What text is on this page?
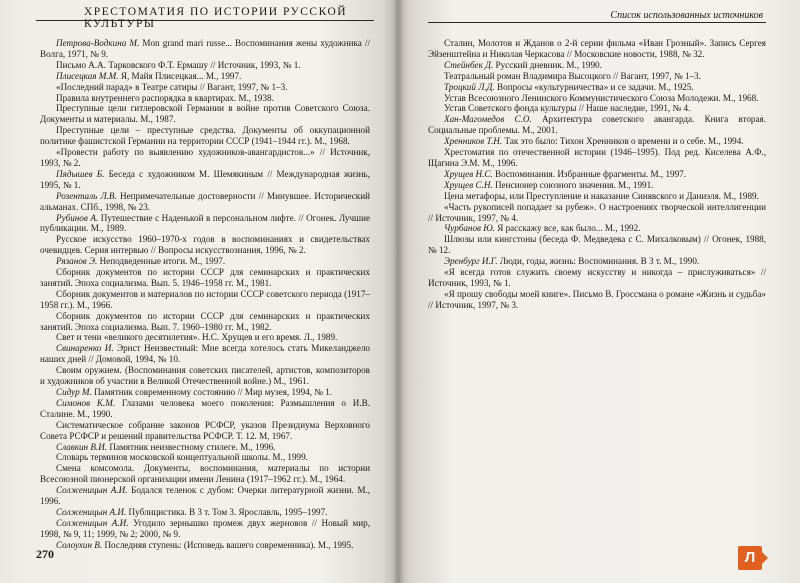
ХРЕСТОМАТИЯ ПО ИСТОРИИ РУССКОЙ КУЛЬТУРЫ

Петрова-Водкина М. Mon grand mari russe... Воспоминания жены художника //Волга, 1971, № 9.

Письмо А.А. Тарковского Ф.Т. Ермашу // Источник, 1993, № 1.

Плисецкая М.М. Я, Майя Плисецкая... М., 1997.

«Последний парад» в Театре сатиры // Вагант, 1997, № 1–3.

Правила внутреннего распорядка в квартирах. М., 1938.

Преступные цели гитлеровской Германии в войне против Советского Союза. Документы и материалы. М., 1987.

Преступные цели – преступные средства. Документы об оккупационной политике фашистской Германии на территории СССР (1941–1944 гг.). М., 1968.

«Провести работу по выявлению художников-авангардистов...» // Источник, 1993, № 2.

Пядышев Б. Беседа с художником М. Шемякиным // Международная жизнь, 1995, № 1.

Розенталь Л.В. Непримечательные достоверности // Минувшее. Исторический альманах. СПб., 1998, № 23.

Рубинов А. Путешествие с Наденькой в персональном лифте. // Огонек. Лучшие публикации. М., 1989.

Русское искусство 1960–1970-х годов в воспоминаниях и свидетельствах очевидцев. Серия интервью // Вопросы искусствознания, 1996, № 2.

Рязанов Э. Неподведенные итоги. М., 1997.

Сборник документов по истории СССР для семинарских и практических занятий. Эпоха социализма. Вып. 5. 1946–1958 гг. М., 1981.

Сборник документов и материалов по истории СССР советского периода (1917–1958 гг.). М., 1966.

Сборник документов по истории СССР для семинарских и практических занятий. Эпоха социализма. Вып. 7. 1960–1980 гг. М., 1982.

Свет и тени «великого десятилетия». Н.С. Хрущев и его время. Л., 1989.

Свинаренко И. Эрнст Неизвестный: Мне всегда хотелось стать Микеланджело наших дней // Домовой, 1994, № 10.

Своим оружием. (Воспоминания советских писателей, артистов, композиторов и художников об участии в Великой Отечественной войне.) М., 1961.

Сидур М. Памятник современному состоянию // Мир музея, 1994, № 1.

Симонов К.М. Глазами человека моего поколения: Размышления о И.В. Сталине. М., 1990.

Систематическое собрание законов РСФСР, указов Президиума Верховного Совета РСФСР и решений правительства РСФСР. Т. 12. М, 1967.

Славкин В.И. Памятник неизвестному стилеге. М., 1996.

Словарь терминов московской концептуальной школы. М., 1999.

Смена комсомола. Документы, воспоминания, материалы по истории Всесоюзной пионерской организации имени Ленина (1917–1962 гг.). М., 1964.

Солженицын А.И. Бодался теленок с дубом: Очерки литературной жизни. М., 1996.

Солженицын А.И. Публицистика. В 3 т. Том 3. Ярославль, 1995–1997.

Солженицын А.И. Угодило зернышко промеж двух жерновов // Новый мир, 1998, № 9, 11; 1999, № 2; 2000, № 9.

Солоухин В. Последняя ступень: (Исповедь вашего современника). М., 1995.

270
Список использованных источников

Сталин, Молотов и Жданов о 2-й серии фильма «Иван Грозный». Запись Сергея Эйзенштейна и Николая Черкасова // Московские новости, 1988, № 32.

Стейнбек Д. Русский дневник. М., 1990.

Театральный роман Владимира Высоцкого // Вагант, 1997, № 1–3.

Троцкий Л.Д. Вопросы «культурничества» и се задачи. М., 1925.

Устав Всесоюзного Ленинского Коммунистического Союза Молодежи. М., 1968.

Устав Советского фонда культуры // Наше наследие, 1991, № 4.

Хан-Магомедов С.О. Архитектура советского авангарда. Книга вторая. Социальные проблемы. М., 2001.

Хренников Т.Н. Так это было: Тихон Хренников о времени и о себе. М., 1994.

Хрестоматия по отечественной истории (1946–1995). Под ред. Киселева А.Ф., Щагина Э.М. М., 1996.

Хрущев Н.С. Воспоминания. Избранные фрагменты. М., 1997.

Хрущев С.Н. Пенсионер союзного значения. М., 1991.

Цена метафоры, или Преступление и наказание Синявского и Даниэля. М., 1989.

«Часть рукописей попадает за рубеж». О настроениях творческой интеллигенции // Источник, 1997, № 4.

Чурбанов Ю. Я расскажу все, как было... М., 1992.

Шлюзы или кингстоны (беседа Ф. Медведева с С. Михалковым) // Огонек, 1988, № 12.

Эренбург И.Г. Люди, годы, жизнь: Воспоминания. В 3 т. М., 1990.

«Я всегда готов служить своему искусству и никогда – прислуживаться» // Источник, 1993, № 1.

«Я прошу свободы моей книге». Письмо В. Гроссмана о романе «Жизнь и судьба» // Источник, 1997, № 3.

Л
